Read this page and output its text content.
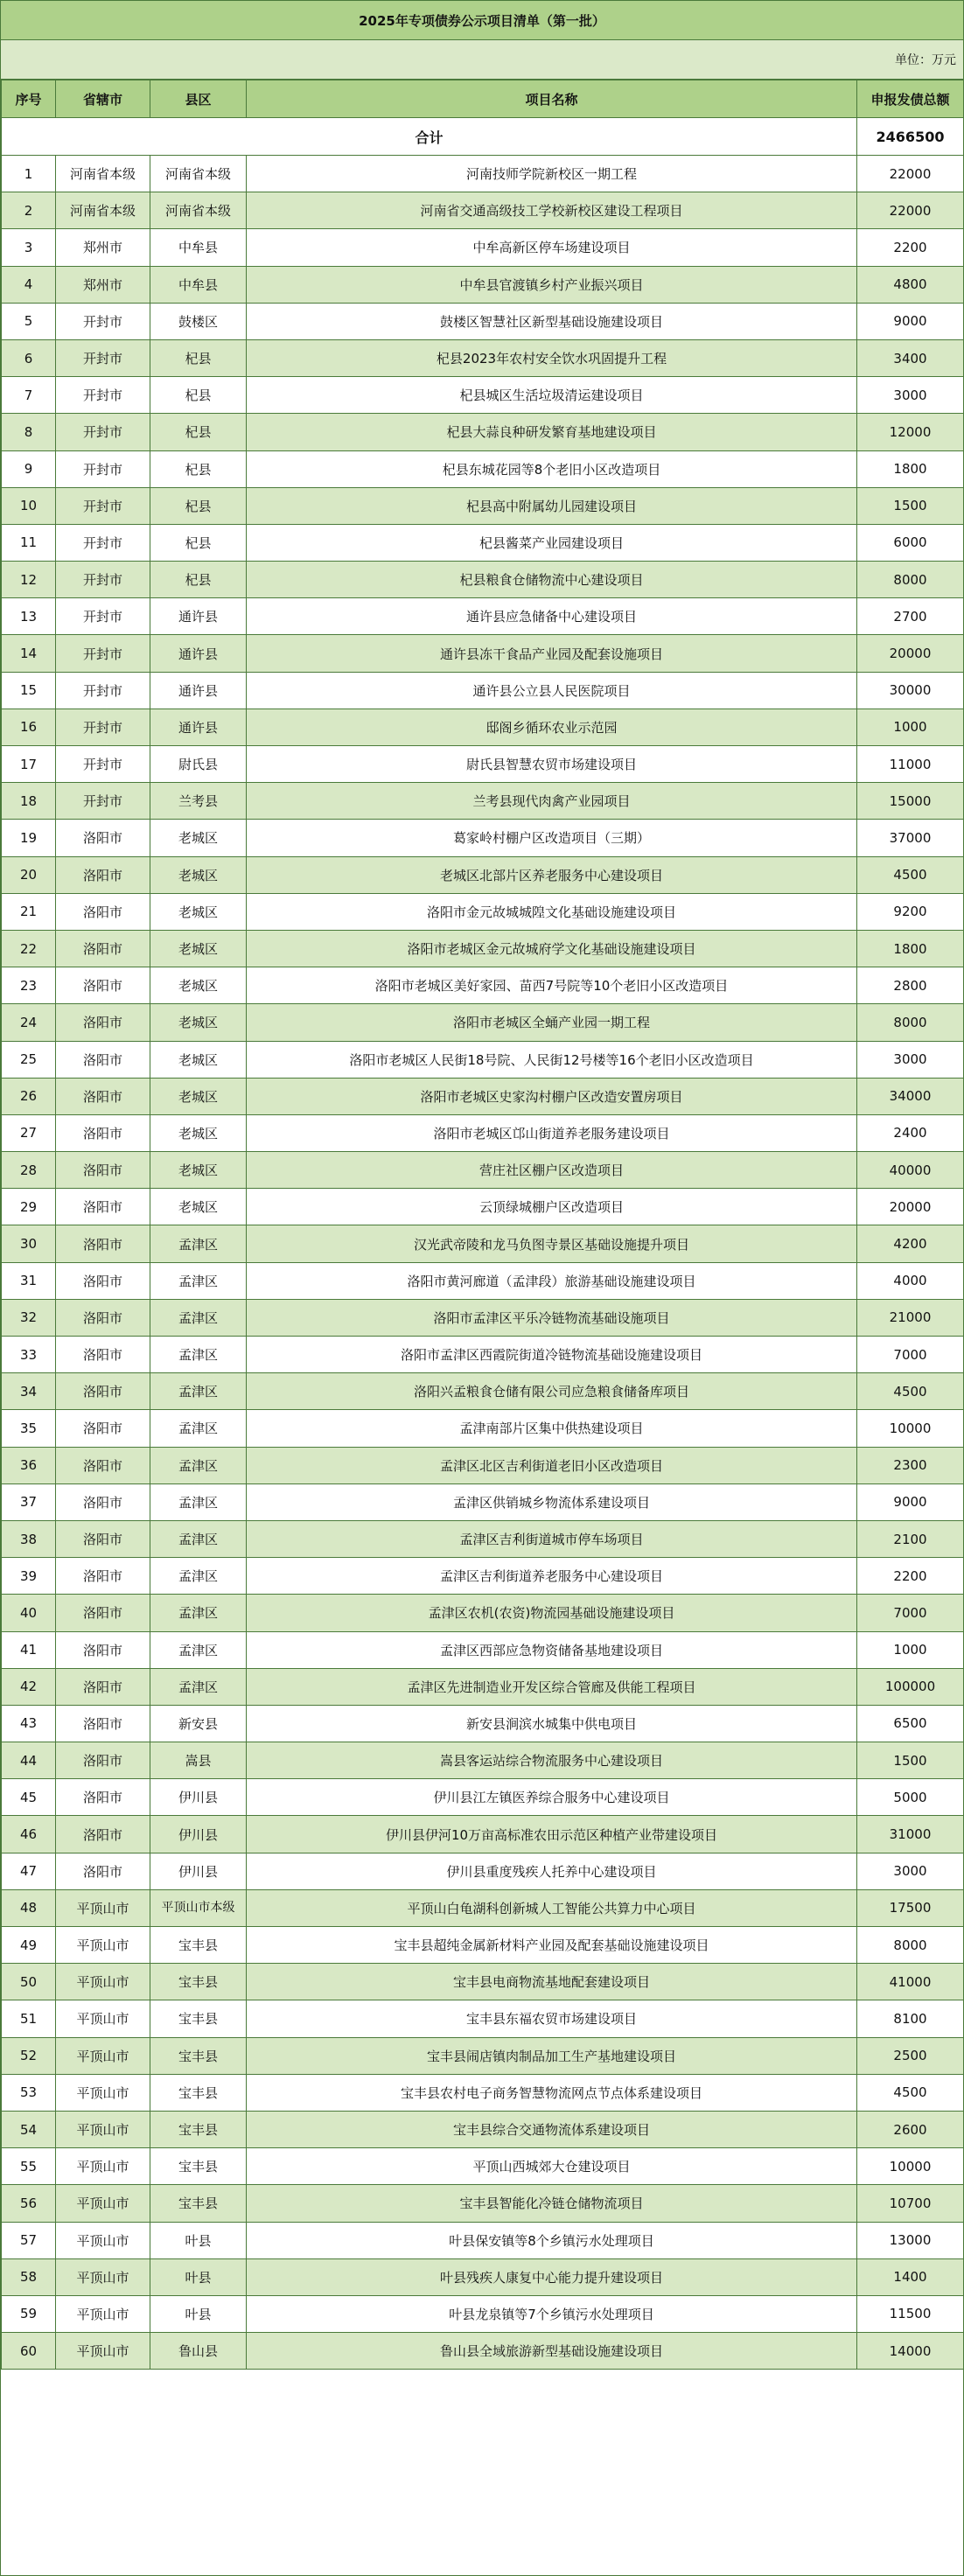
2025年专项债券公示项目清单（第一批）
单位：万元
序号	省辖市	县区	项目名称	申报发债总额
合计				2466500
1	河南省本级	河南省本级	河南技师学院新校区一期工程	22000
2	河南省本级	河南省本级	河南省交通高级技工学校新校区建设工程项目	22000
3	郑州市	中牟县	中牟高新区停车场建设项目	2200
4	郑州市	中牟县	中牟县官渡镇乡村产业振兴项目	4800
5	开封市	鼓楼区	鼓楼区智慧社区新型基础设施建设项目	9000
6	开封市	杞县	杞县2023年农村安全饮水巩固提升工程	3400
7	开封市	杞县	杞县城区生活垃圾清运建设项目	3000
8	开封市	杞县	杞县大蒜良种研发繁育基地建设项目	12000
9	开封市	杞县	杞县东城花园等8个老旧小区改造项目	1800
10	开封市	杞县	杞县高中附属幼儿园建设项目	1500
11	开封市	杞县	杞县酱菜产业园建设项目	6000
12	开封市	杞县	杞县粮食仓储物流中心建设项目	8000
13	开封市	通许县	通许县应急储备中心建设项目	2700
14	开封市	通许县	通许县冻干食品产业园及配套设施项目	20000
15	开封市	通许县	通许县公立县人民医院项目	30000
16	开封市	通许县	邸阁乡循环农业示范园	1000
17	开封市	尉氏县	尉氏县智慧农贸市场建设项目	11000
18	开封市	兰考县	兰考县现代肉禽产业园项目	15000
19	洛阳市	老城区	葛家岭村棚户区改造项目（三期）	37000
20	洛阳市	老城区	老城区北部片区养老服务中心建设项目	4500
21	洛阳市	老城区	洛阳市金元故城城隍文化基础设施建设项目	9200
22	洛阳市	老城区	洛阳市老城区金元故城府学文化基础设施建设项目	1800
23	洛阳市	老城区	洛阳市老城区美好家园、苗西7号院等10个老旧小区改造项目	2800
24	洛阳市	老城区	洛阳市老城区全蛹产业园一期工程	8000
25	洛阳市	老城区	洛阳市老城区人民街18号院、人民街12号楼等16个老旧小区改造项目	3000
26	洛阳市	老城区	洛阳市老城区史家沟村棚户区改造安置房项目	34000
27	洛阳市	老城区	洛阳市老城区邙山街道养老服务建设项目	2400
28	洛阳市	老城区	营庄社区棚户区改造项目	40000
29	洛阳市	老城区	云顶绿城棚户区改造项目	20000
30	洛阳市	孟津区	汉光武帝陵和龙马负图寺景区基础设施提升项目	4200
31	洛阳市	孟津区	洛阳市黄河廊道（孟津段）旅游基础设施建设项目	4000
32	洛阳市	孟津区	洛阳市孟津区平乐冷链物流基础设施项目	21000
33	洛阳市	孟津区	洛阳市孟津区西霞院街道冷链物流基础设施建设项目	7000
34	洛阳市	孟津区	洛阳兴孟粮食仓储有限公司应急粮食储备库项目	4500
35	洛阳市	孟津区	孟津南部片区集中供热建设项目	10000
36	洛阳市	孟津区	孟津区北区吉利街道老旧小区改造项目	2300
37	洛阳市	孟津区	孟津区供销城乡物流体系建设项目	9000
38	洛阳市	孟津区	孟津区吉利街道城市停车场项目	2100
39	洛阳市	孟津区	孟津区吉利街道养老服务中心建设项目	2200
40	洛阳市	孟津区	孟津区农机(农资)物流园基础设施建设项目	7000
41	洛阳市	孟津区	孟津区西部应急物资储备基地建设项目	1000
42	洛阳市	孟津区	孟津区先进制造业开发区综合管廊及供能工程项目	100000
43	洛阳市	新安县	新安县涧滨水城集中供电项目	6500
44	洛阳市	嵩县	嵩县客运站综合物流服务中心建设项目	1500
45	洛阳市	伊川县	伊川县江左镇医养综合服务中心建设项目	5000
46	洛阳市	伊川县	伊川县伊河10万亩高标准农田示范区种植产业带建设项目	31000
47	洛阳市	伊川县	伊川县重度残疾人托养中心建设项目	3000
48	平顶山市	平顶山市本级	平顶山白龟湖科创新城人工智能公共算力中心项目	17500
49	平顶山市	宝丰县	宝丰县超纯金属新材料产业园及配套基础设施建设项目	8000
50	平顶山市	宝丰县	宝丰县电商物流基地配套建设项目	41000
51	平顶山市	宝丰县	宝丰县东福农贸市场建设项目	8100
52	平顶山市	宝丰县	宝丰县闹店镇肉制品加工生产基地建设项目	2500
53	平顶山市	宝丰县	宝丰县农村电子商务智慧物流网点节点体系建设项目	4500
54	平顶山市	宝丰县	宝丰县综合交通物流体系建设项目	2600
55	平顶山市	宝丰县	平顶山西城郊大仓建设项目	10000
56	平顶山市	宝丰县	宝丰县智能化冷链仓储物流项目	10700
57	平顶山市	叶县	叶县保安镇等8个乡镇污水处理项目	13000
58	平顶山市	叶县	叶县残疾人康复中心能力提升建设项目	1400
59	平顶山市	叶县	叶县龙泉镇等7个乡镇污水处理项目	11500
60	平顶山市	鲁山县	鲁山县全域旅游新型基础设施建设项目	14000
